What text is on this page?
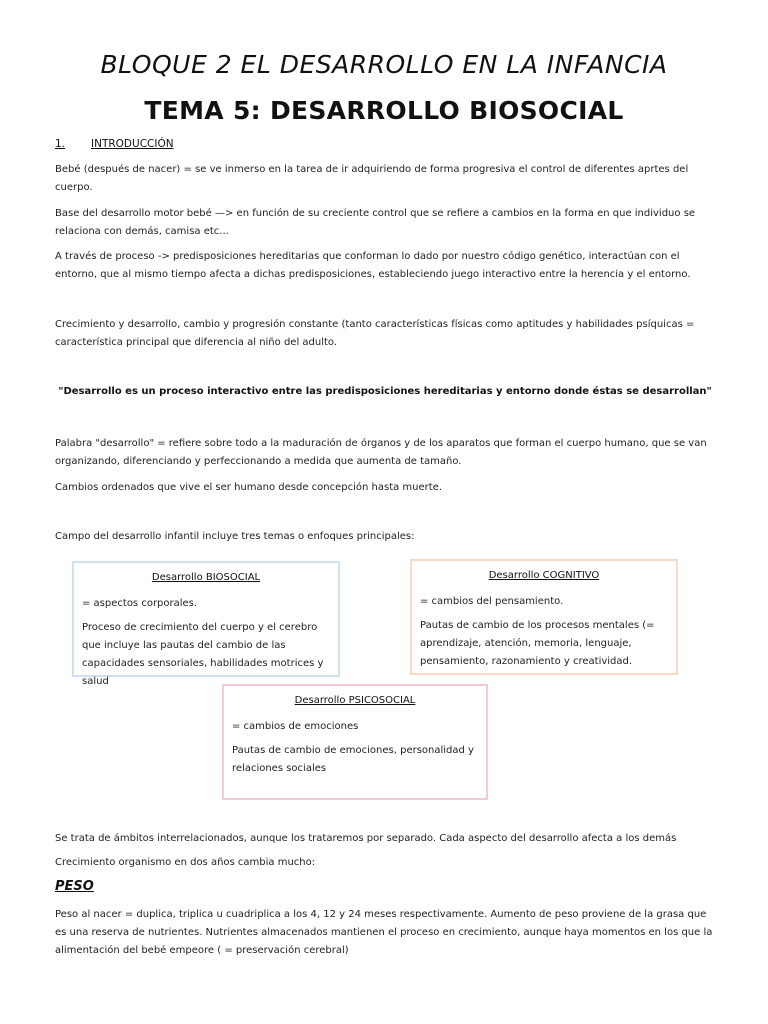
BLOQUE 2 EL DESARROLLO EN LA INFANCIA
TEMA 5: DESARROLLO BIOSOCIAL
1. INTRODUCCIÓN
Bebé (después de nacer) = se ve inmerso en la tarea de ir adquiriendo de forma progresiva el control de diferentes aprtes del cuerpo.
Base del desarrollo motor bebé —> en función de su creciente control que se refiere a cambios en la forma en que individuo se relaciona con demás, camisa etc...
A través de proceso -> predisposiciones hereditarias que conforman lo dado por nuestro código genético, interactúan con el entorno, que al mismo tiempo afecta a dichas predisposiciones, estableciendo juego interactivo entre la herencia y el entorno.
Crecimiento y desarrollo, cambio y progresión constante (tanto características físicas como aptitudes y habilidades psíquicas = característica principal que diferencia al niño del adulto.
"Desarrollo es un proceso interactivo entre las predisposiciones hereditarias y entorno donde éstas se desarrollan"
Palabra "desarrollo" = refiere sobre todo a la maduración de órganos y de los aparatos que forman el cuerpo humano, que se van organizando, diferenciando y perfeccionando a medida que aumenta de tamaño.
Cambios ordenados que vive el ser humano desde concepción hasta muerte.
Campo del desarrollo infantil incluye tres temas o enfoques principales:
Desarrollo BIOSOCIAL
= aspectos corporales.
Proceso de crecimiento del cuerpo y el cerebro que incluye las pautas del cambio de las capacidades sensoriales, habilidades motrices y salud
Desarrollo COGNITIVO
= cambios del pensamiento.
Pautas de cambio de los procesos mentales (= aprendizaje, atención, memoria, lenguaje, pensamiento, razonamiento y creatividad.
Desarrollo PSICOSOCIAL
= cambios de emociones
Pautas de cambio de emociones, personalidad y relaciones sociales
Se trata de ámbitos interrelacionados, aunque los trataremos por separado. Cada aspecto del desarrollo afecta a los demás
Crecimiento organismo en dos años cambia mucho:
PESO
Peso al nacer = duplica, triplica u cuadriplica a los 4, 12 y 24 meses respectivamente. Aumento de peso proviene de la grasa que es una reserva de nutrientes. Nutrientes almacenados mantienen el proceso en crecimiento, aunque haya momentos en los que la alimentación del bebé empeore ( = preservación cerebral)
